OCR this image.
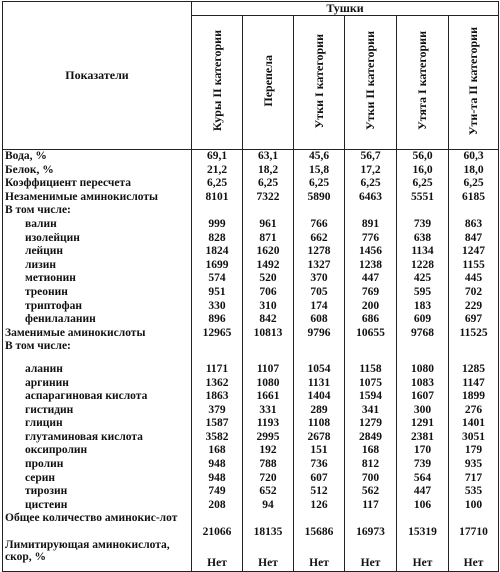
Показатели	Тушки					
	Куры II категории	Перепела	Утки I категории	Утки II категории	Утята I категории	Ути-та II категории
Вода, %	69,1	63,1	45,6	56,7	56,0	60,3
Белок, %	21,2	18,2	15,8	17,2	16,0	18,0
Коэффициент пересчета	6,25	6,25	6,25	6,25	6,25	6,25
Незаменимые аминокислоты	8101	7322	5890	6463	5551	6185
В том числе:						
валин	999	961	766	891	739	863
изолейцин	828	871	662	776	638	847
лейцин	1824	1620	1278	1456	1134	1247
лизин	1699	1492	1327	1238	1228	1155
метионин	574	520	370	447	425	445
треонин	951	706	705	769	595	702
триптофан	330	310	174	200	183	229
фенилаланин	896	842	608	686	609	697
Заменимые аминокислоты	12965	10813	9796	10655	9768	11525
В том числе:						

аланин	1171	1107	1054	1158	1080	1285
аргинин	1362	1080	1131	1075	1083	1147
аспарагиновая кислота	1863	1661	1404	1594	1607	1899
гистидин	379	331	289	341	300	276
глицин	1587	1193	1108	1279	1291	1401
глутаминовая кислота	3582	2995	2678	2849	2381	3051
оксипролин	168	192	151	168	170	179
пролин	948	788	736	812	739	935
серин	948	720	607	700	564	717
тирозин	749	652	512	562	447	535
цистеин	208	94	126	117	106	100
Общее количество аминокис-лот	21066	18135	15686	16973	15319	17710
Лимитирующая аминокислота, скор, %	Нет	Нет	Нет	Нет	Нет	Нет
